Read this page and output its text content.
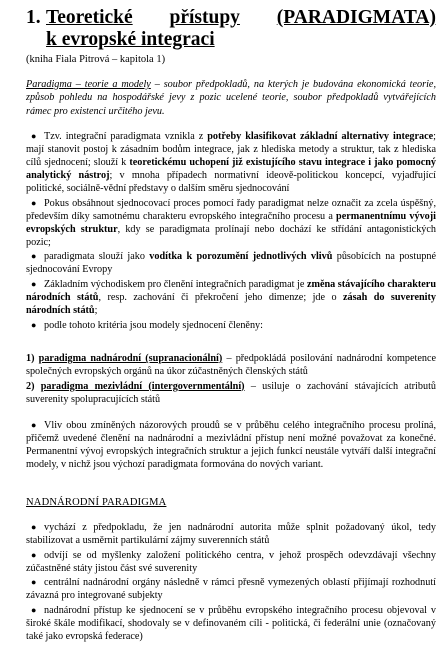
1. Teoretické přístupy (PARADIGMATA)
k evropské integraci
(kniha Fiala Pitrová – kapitola 1)
Paradigma – teorie a modely – soubor předpokladů, na kterých je budována ekonomická teorie, způsob pohledu na hospodářské jevy z pozic ucelené teorie, soubor předpokladů vytvářejících rámec pro existenci určitého jevu.
● Tzv. integrační paradigmata vznikla z potřeby klasifikovat základní alternativy integrace; mají stanovit postoj k zásadním bodům integrace, jak z hlediska metody a struktur, tak z hlediska cílů sjednocení; slouží k teoretickému uchopení již existujícího stavu integrace i jako pomocný analytický nástroj; v mnoha případech normativní ideově-politickou koncepcí, vyjadřující politické, sociálně-vědní představy o dalším směru sjednocování
● Pokus obsáhnout sjednocovací proces pomocí řady paradigmat nelze označit za zcela úspěšný, především díky samotnému charakteru evropského integračního procesu a permanentnímu vývoji evropských struktur, kdy se paradigmata prolínají nebo dochází ke střídání antagonistických pozic;
● paradigmata slouží jako vodítka k porozumění jednotlivých vlivů působících na postupné sjednocování Evropy
● Základním východiskem pro členění integračních paradigmat je změna stávajícího charakteru národních států, resp. zachování či překročení jeho dimenze; jde o zásah do suverenity národních států;
● podle tohoto kritéria jsou modely sjednocení členěny:

1) paradigma nadnárodní (supranacionální) – předpokládá posilování nadnárodní kompetence společných evropských orgánů na úkor zúčastněných členských států

2) paradigma mezivládní (intergovernmentální) – usiluje o zachování stávajících atributů suverenity spolupracujících států

● Vliv obou zmíněných názorových proudů se v průběhu celého integračního procesu prolíná, přičemž uvedené členění na nadnárodní a mezivládní přístup není možné považovat za konečné. Permanentní vývoj evropských integračních struktur a jejich funkcí neustále vytváří další integrační modely, v nichž jsou výchozí paradigmata formována do nových variant.
NADNÁRODNÍ PARADIGMA
● vychází z předpokladu, že jen nadnárodní autorita může splnit požadovaný úkol, tedy stabilizovat a usměrnit partikulární zájmy suverenních států
● odvíjí se od myšlenky založení politického centra, v jehož prospěch odevzdávají všechny zúčastněné státy jistou část své suverenity
● centrální nadnárodní orgány následně v rámci přesně vymezených oblastí přijímají rozhodnutí závazná pro integrované subjekty
● nadnárodní přístup ke sjednocení se v průběhu evropského integračního procesu objevoval v široké škále modifikací, shodovaly se v definovaném cíli - politická, či federální unie (označovaný také jako evropská federace)
